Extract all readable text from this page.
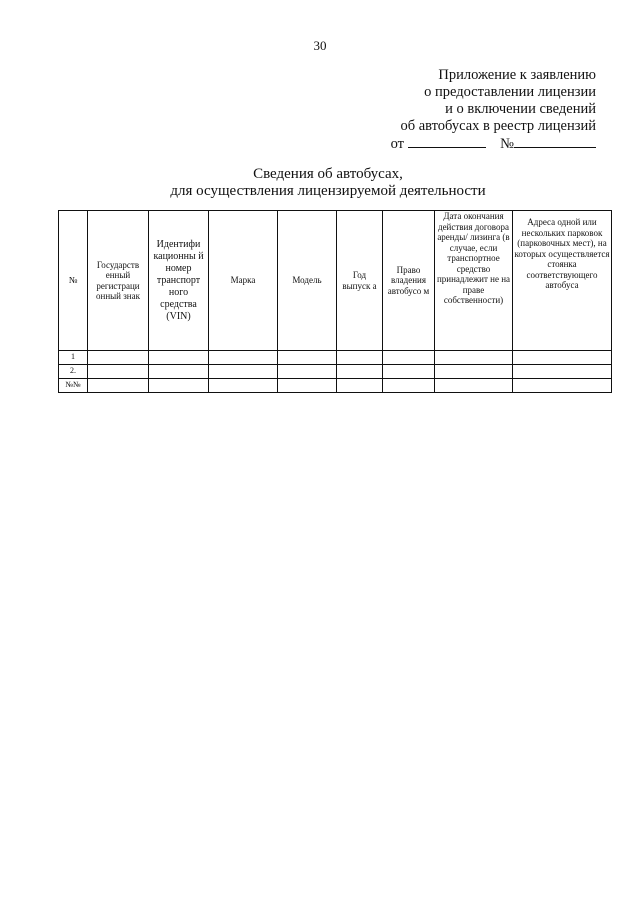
30
Приложение к заявлению
о предоставлении лицензии
и о включении сведений
об автобусах в реестр лицензий
от	№
Сведения об автобусах,
для осуществления лицензируемой деятельности
№	Государств енный регистраци онный знак	Идентифи кационны й номер транспорт ного средства (VIN)	Марка	Модель	Год выпуск а	Право владения автобусо м	Дата окончания действия договора аренды/ лизинга (в случае, если транспортное средство принадлежит не на праве собственности)	Адреса одной или нескольких парковок (парковочных мест), на которых осуществляется стоянка соответствующего автобуса
1								
2.								
№№								
